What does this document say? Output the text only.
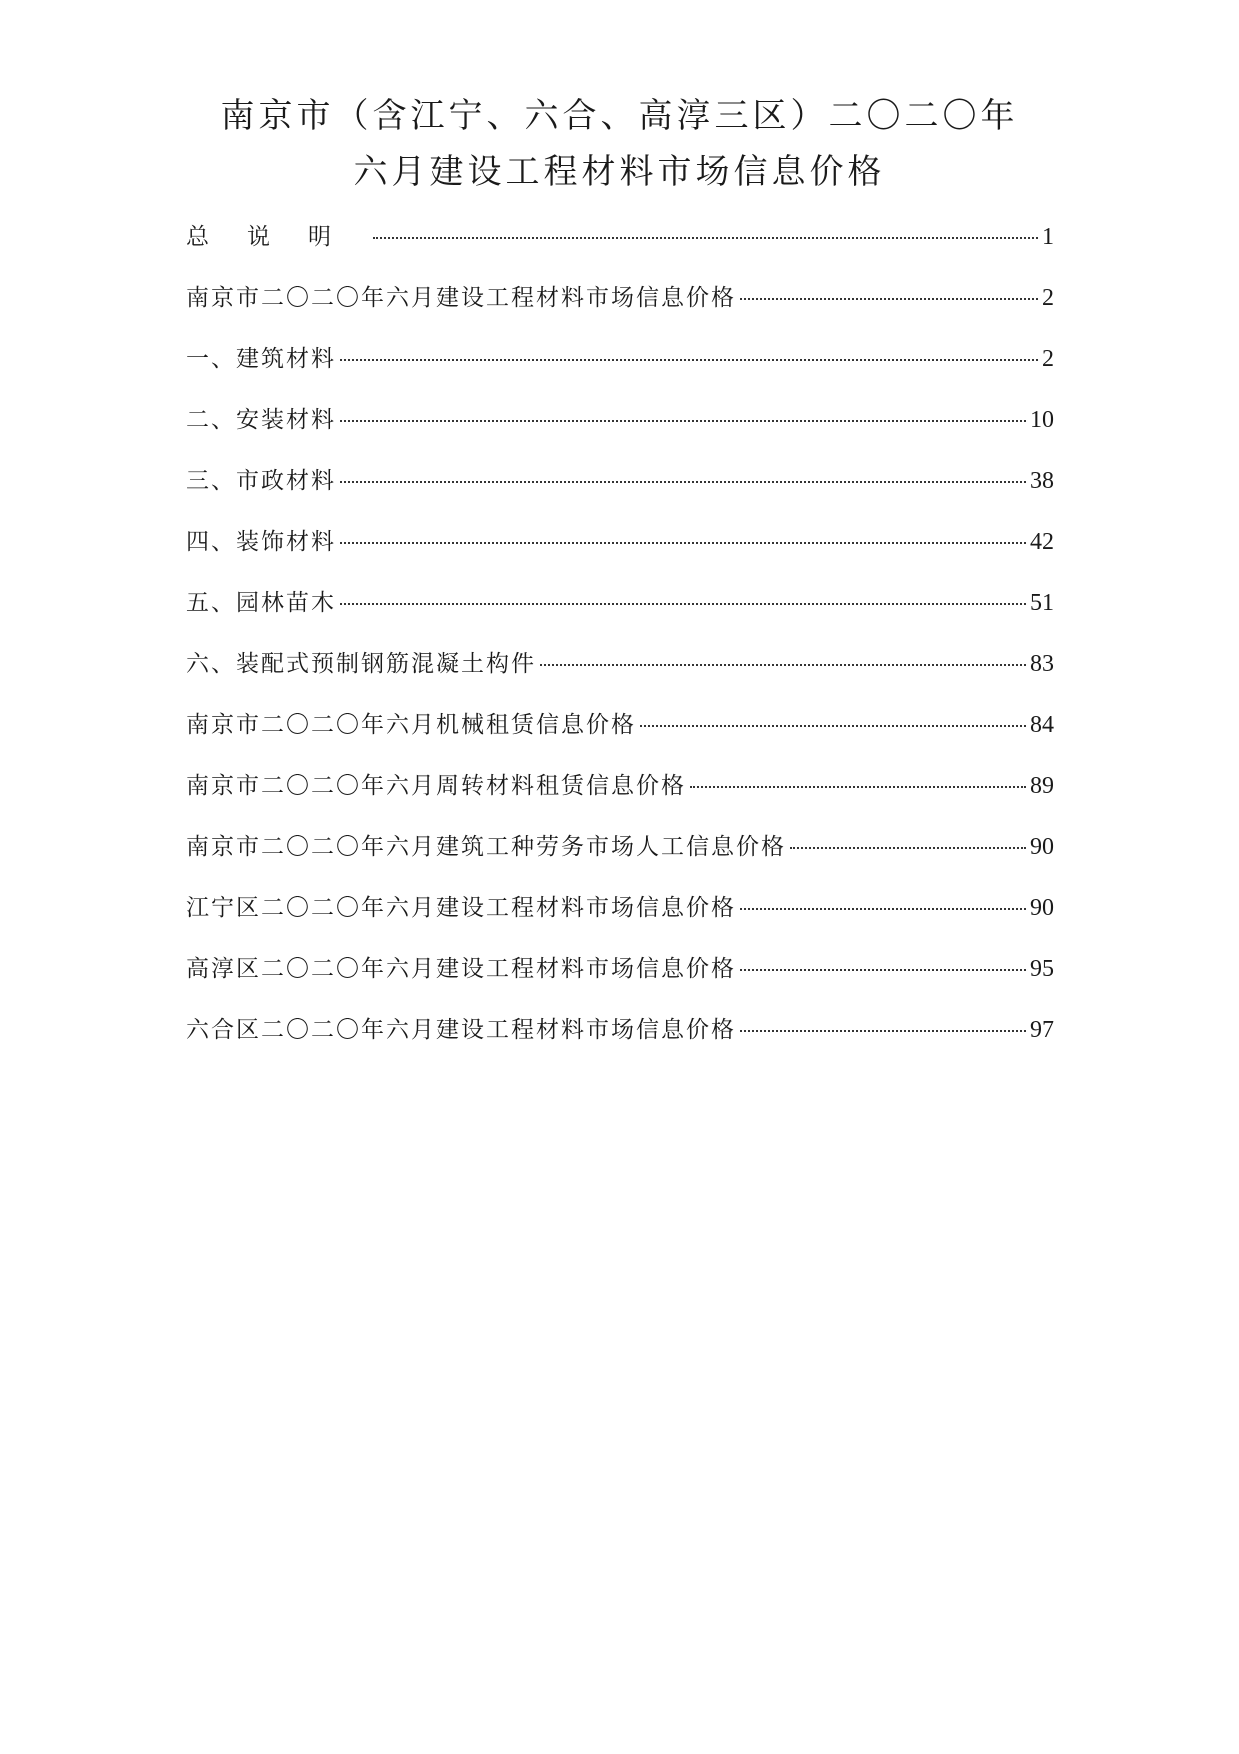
南京市（含江宁、六合、高淳三区）二〇二〇年
六月建设工程材料市场信息价格
总说明	1
南京市二〇二〇年六月建设工程材料市场信息价格	2
一、建筑材料	2
二、安装材料	10
三、市政材料	38
四、装饰材料	42
五、园林苗木	51
六、装配式预制钢筋混凝土构件	83
南京市二〇二〇年六月机械租赁信息价格	84
南京市二〇二〇年六月周转材料租赁信息价格	89
南京市二〇二〇年六月建筑工种劳务市场人工信息价格	90
江宁区二〇二〇年六月建设工程材料市场信息价格	90
高淳区二〇二〇年六月建设工程材料市场信息价格	95
六合区二〇二〇年六月建设工程材料市场信息价格	97
